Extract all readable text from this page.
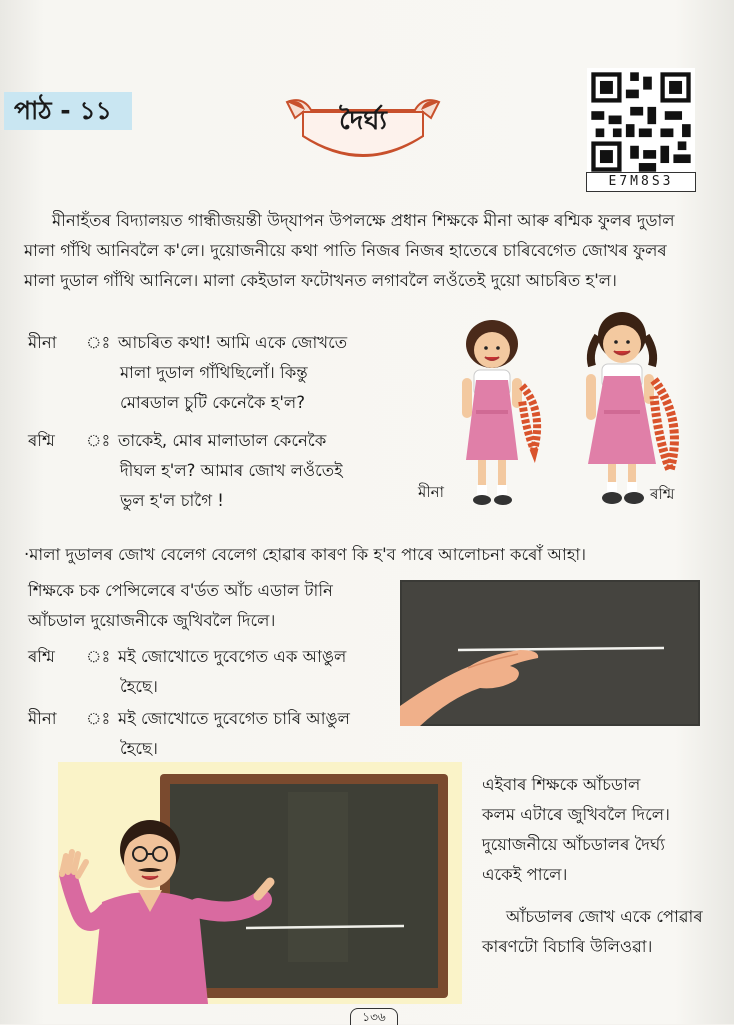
পাঠ - ১১	দৈৰ্ঘ্য
E7M8S3
মীনাহঁতৰ বিদ্যালয়ত গান্ধীজয়ন্তী উদ্‌যাপন উপলক্ষে প্ৰধান শিক্ষকে মীনা আৰু ৰশ্মিক ফুলৰ দুডাল
মালা গাঁথি আনিবলৈ ক'লে। দুয়োজনীয়ে কথা পাতি নিজৰ নিজৰ হাতেৰে চাৰিবেগেত জোখৰ ফুলৰ
মালা দুডাল গাঁথি আনিলে। মালা কেইডাল ফটোখনত লগাবলৈ লওঁতেই দুয়ো আচৰিত হ'ল।
মীনা	ঃ আচৰিত কথা! আমি একে জোখতে
মালা দুডাল গাঁথিছিলোঁ। কিন্তু
মোৰডাল চুটি কেনেকৈ হ'ল?
ৰশ্মি	ঃ তাকেই, মোৰ মালাডাল কেনেকৈ
দীঘল হ'ল? আমাৰ জোখ লওঁতেই
ভুল হ'ল চাগৈ !	মীনা	ৰশ্মি
·মালা দুডালৰ জোখ বেলেগ বেলেগ হোৱাৰ কাৰণ কি হ'ব পাৰে আলোচনা কৰোঁ আহা।
শিক্ষকে চক পেন্সিলেৰে ব'ৰ্ডত আঁচ এডাল টানি
আঁচডাল দুয়োজনীকে জুখিবলৈ দিলে।
ৰশ্মি	ঃ মই জোখোতে দুবেগেত এক আঙুল
হৈছে।
মীনা	ঃ মই জোখোতে দুবেগেত চাৰি আঙুল
হৈছে।
এইবাৰ শিক্ষকে আঁচডাল
কলম এটাৰে জুখিবলৈ দিলে।
দুয়োজনীয়ে আঁচডালৰ দৈৰ্ঘ্য
একেই পালে।
আঁচডালৰ জোখ একে পোৱাৰ
কাৰণটো বিচাৰি উলিওৱা।
১৩৬
